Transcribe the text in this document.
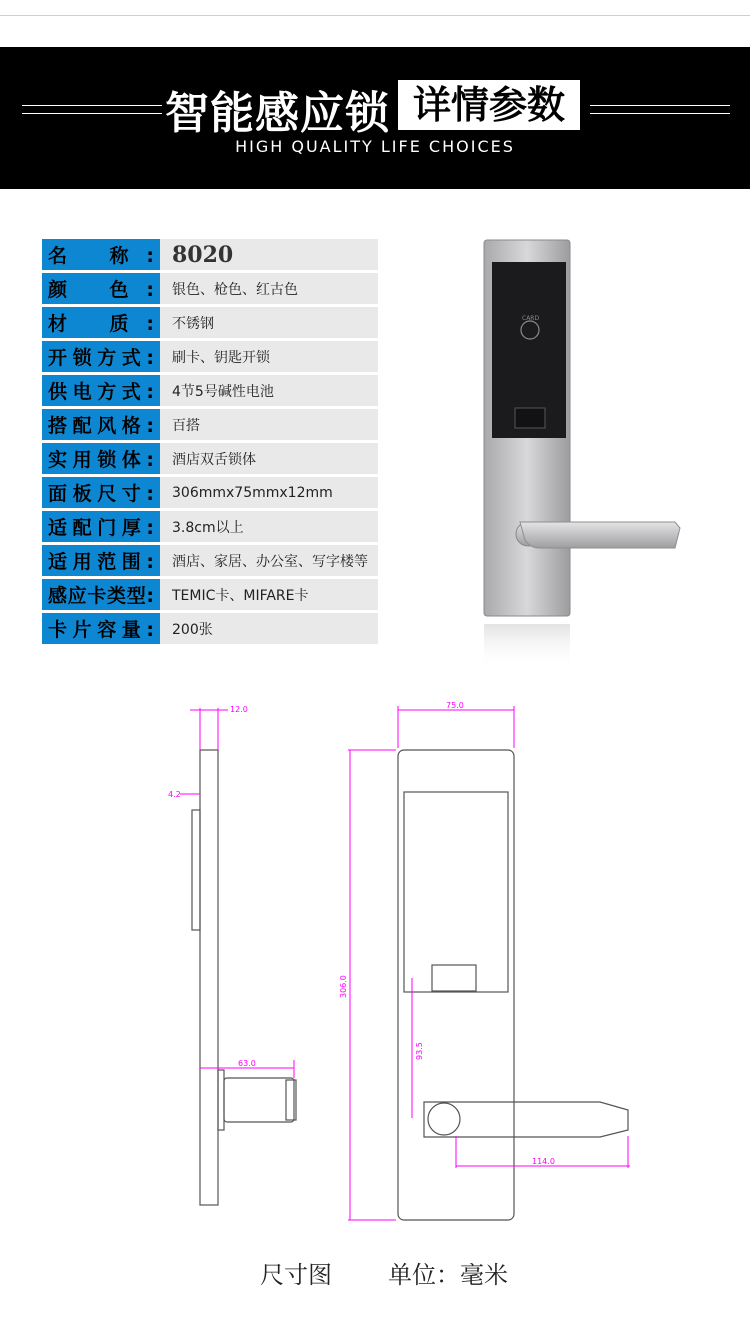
智能感应锁 详情参数
HIGH QUALITY LIFE CHOICES
名 称:	8020
颜 色:	银色、枪色、红古色
材 质:	不锈钢
开锁方式:	刷卡、钥匙开锁
供电方式:	4节5号碱性电池
搭配风格:	百搭
实用锁体:	酒店双舌锁体
面板尺寸:	306mmx75mmx12mm
适配门厚:	3.8cm以上
适用范围:	酒店、家居、办公室、写字楼等
感应卡类型:	TEMIC卡、MIFARE卡
卡片容量:	200张
CARD
12.0
4.2
63.0
75.0
306.0
93.5
114.0
尺寸图 单位：毫米
